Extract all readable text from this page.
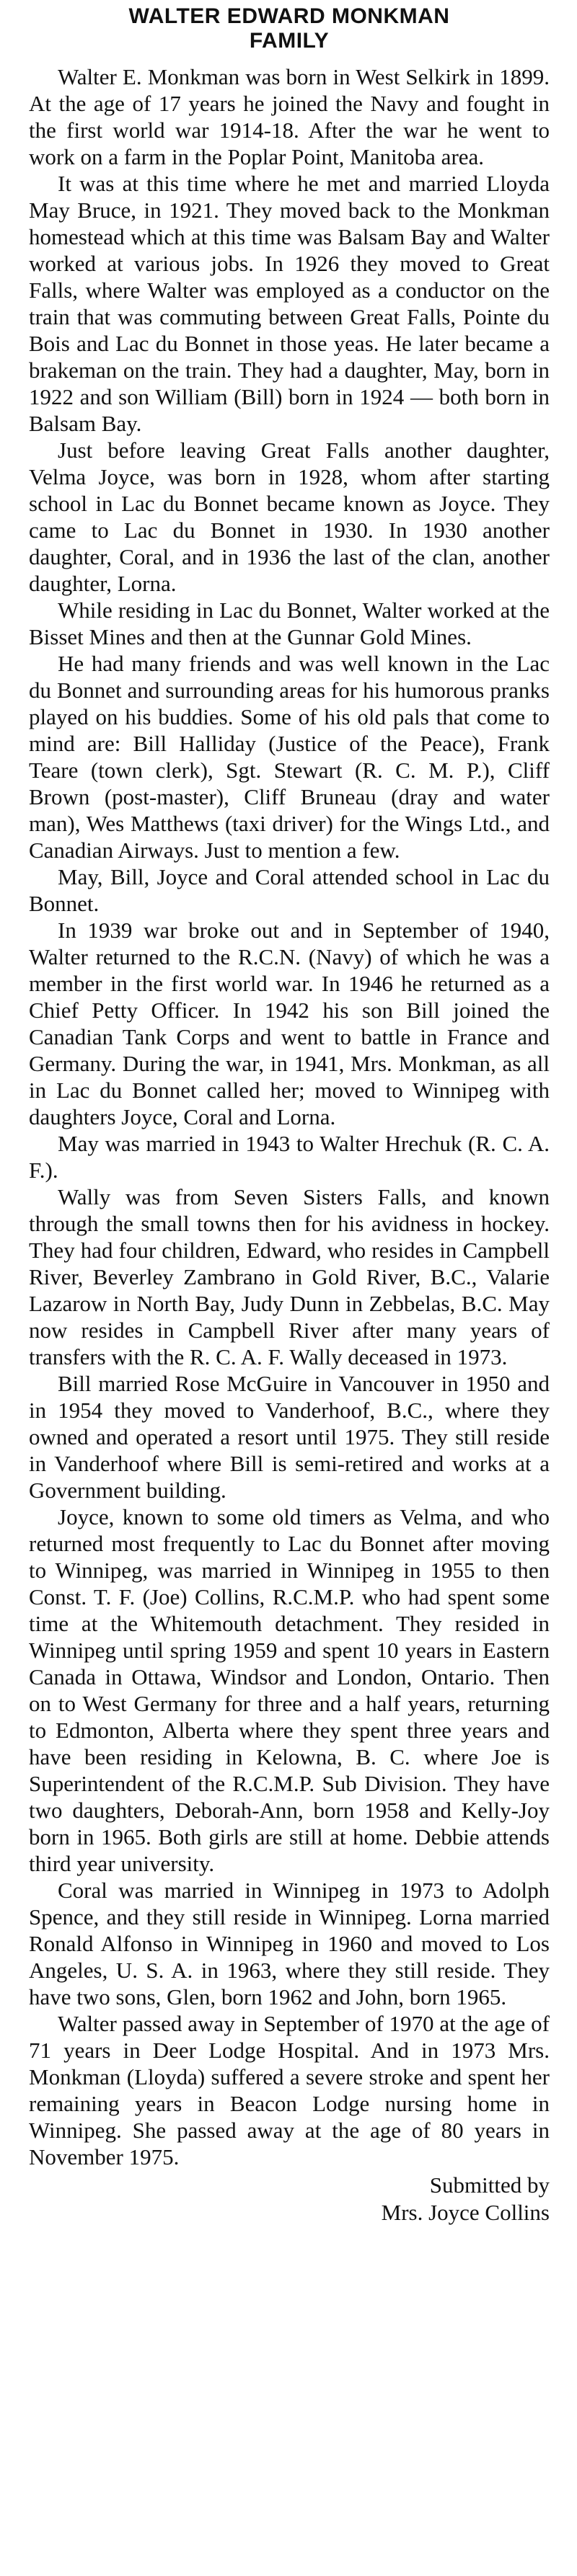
WALTER EDWARD MONKMAN
FAMILY

Walter E. Monkman was born in West Selkirk in 1899. At the age of 17 years he joined the Navy and fought in the first world war 1914-18. After the war he went to work on a farm in the Poplar Point, Manitoba area.

It was at this time where he met and married Lloyda May Bruce, in 1921. They moved back to the Monkman homestead which at this time was Balsam Bay and Walter worked at various jobs. In 1926 they moved to Great Falls, where Walter was employed as a conductor on the train that was commuting between Great Falls, Pointe du Bois and Lac du Bonnet in those yeas. He later became a brakeman on the train. They had a daughter, May, born in 1922 and son William (Bill) born in 1924 — both born in Balsam Bay.

Just before leaving Great Falls another daughter, Velma Joyce, was born in 1928, whom after starting school in Lac du Bonnet became known as Joyce. They came to Lac du Bonnet in 1930. In 1930 another daughter, Coral, and in 1936 the last of the clan, another daughter, Lorna.

While residing in Lac du Bonnet, Walter worked at the Bisset Mines and then at the Gunnar Gold Mines.

He had many friends and was well known in the Lac du Bonnet and surrounding areas for his humorous pranks played on his buddies. Some of his old pals that come to mind are: Bill Halliday (Justice of the Peace), Frank Teare (town clerk), Sgt. Stewart (R. C. M. P.), Cliff Brown (post-master), Cliff Bruneau (dray and water man), Wes Matthews (taxi driver) for the Wings Ltd., and Canadian Airways. Just to mention a few.

May, Bill, Joyce and Coral attended school in Lac du Bonnet.

In 1939 war broke out and in September of 1940, Walter returned to the R.C.N. (Navy) of which he was a member in the first world war. In 1946 he returned as a Chief Petty Officer. In 1942 his son Bill joined the Canadian Tank Corps and went to battle in France and Germany. During the war, in 1941, Mrs. Monkman, as all in Lac du Bonnet called her; moved to Winnipeg with daughters Joyce, Coral and Lorna.

May was married in 1943 to Walter Hrechuk (R. C. A. F.).

Wally was from Seven Sisters Falls, and known through the small towns then for his avidness in hockey. They had four children, Edward, who resides in Campbell River, Beverley Zambrano in Gold River, B.C., Valarie Lazarow in North Bay, Judy Dunn in Zebbelas, B.C. May now resides in Campbell River after many years of transfers with the R. C. A. F. Wally deceased in 1973.

Bill married Rose McGuire in Vancouver in 1950 and in 1954 they moved to Vanderhoof, B.C., where they owned and operated a resort until 1975. They still reside in Vanderhoof where Bill is semi-retired and works at a Government building.

Joyce, known to some old timers as Velma, and who returned most frequently to Lac du Bonnet after moving to Winnipeg, was married in Winnipeg in 1955 to then Const. T. F. (Joe) Collins, R.C.M.P. who had spent some time at the Whitemouth detachment. They resided in Winnipeg until spring 1959 and spent 10 years in Eastern Canada in Ottawa, Windsor and London, Ontario. Then on to West Germany for three and a half years, returning to Edmonton, Alberta where they spent three years and have been residing in Kelowna, B. C. where Joe is Superintendent of the R.C.M.P. Sub Division. They have two daughters, Deborah-Ann, born 1958 and Kelly-Joy born in 1965. Both girls are still at home. Debbie attends third year university.

Coral was married in Winnipeg in 1973 to Adolph Spence, and they still reside in Winnipeg. Lorna married Ronald Alfonso in Winnipeg in 1960 and moved to Los Angeles, U. S. A. in 1963, where they still reside. They have two sons, Glen, born 1962 and John, born 1965.

Walter passed away in September of 1970 at the age of 71 years in Deer Lodge Hospital. And in 1973 Mrs. Monkman (Lloyda) suffered a severe stroke and spent her remaining years in Beacon Lodge nursing home in Winnipeg. She passed away at the age of 80 years in November 1975.

Submitted by
Mrs. Joyce Collins
